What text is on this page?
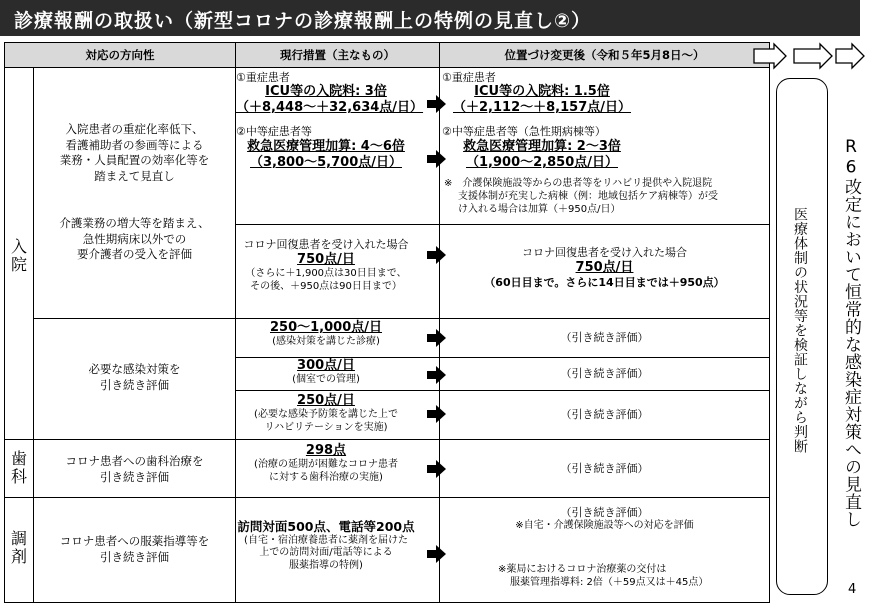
診療報酬の取扱い（新型コロナの診療報酬上の特例の見直し②）
対応の方向性	現行措置（主なもの）	位置づけ変更後（令和５年5月8日～）
入院
歯科
調剤
入院患者の重症化率低下、
看護補助者の参画等による
業務・人員配置の効率化等を
踏まえて見直し
介護業務の増大等を踏まえ、
急性期病床以外での
要介護者の受入を評価
必要な感染対策を
引き続き評価
コロナ患者への歯科治療を
引き続き評価
コロナ患者への服薬指導等を
引き続き評価
①重症患者
ICU等の入院料: 3倍
（＋8,448～＋32,634点/日）
②中等症患者等
救急医療管理加算: 4～6倍
（3,800～5,700点/日）
コロナ回復患者を受け入れた場合
750点/日
（さらに＋1,900点は30日目まで、
その後、＋950点は90日目まで）
250～1,000点/日
(感染対策を講じた診療)
300点/日
(個室での管理)
250点/日
(必要な感染予防策を講じた上で
リハビリテーションを実施)
298点
(治療の延期が困難なコロナ患者
に対する歯科治療の実施)
訪問対面500点、電話等200点
(自宅・宿泊療養患者に薬剤を届けた
上での訪問対面/電話等による
服薬指導の特例)
①重症患者
ICU等の入院料: 1.5倍
（＋2,112～＋8,157点/日）
②中等症患者等（急性期病棟等）
救急医療管理加算: 2～3倍
（1,900～2,850点/日）
※　介護保険施設等からの患者等をリハビリ提供や入院退院
支援体制が充実した病棟（例：地域包括ケア病棟等）が受
け入れる場合は加算（＋950点/日）
コロナ回復患者を受け入れた場合
750点/日
（60日目まで。さらに14日目までは＋950点）
（引き続き評価）
（引き続き評価）
（引き続き評価）
（引き続き評価）
（引き続き評価）
※自宅・介護保険施設等への対応を評価
※薬局におけるコロナ治療薬の交付は
服薬管理指導料: 2倍（＋59点又は＋45点）
医療体制の状況等を検証しながら判断 R6改定において恒常的な感染症対策への見直し
4
